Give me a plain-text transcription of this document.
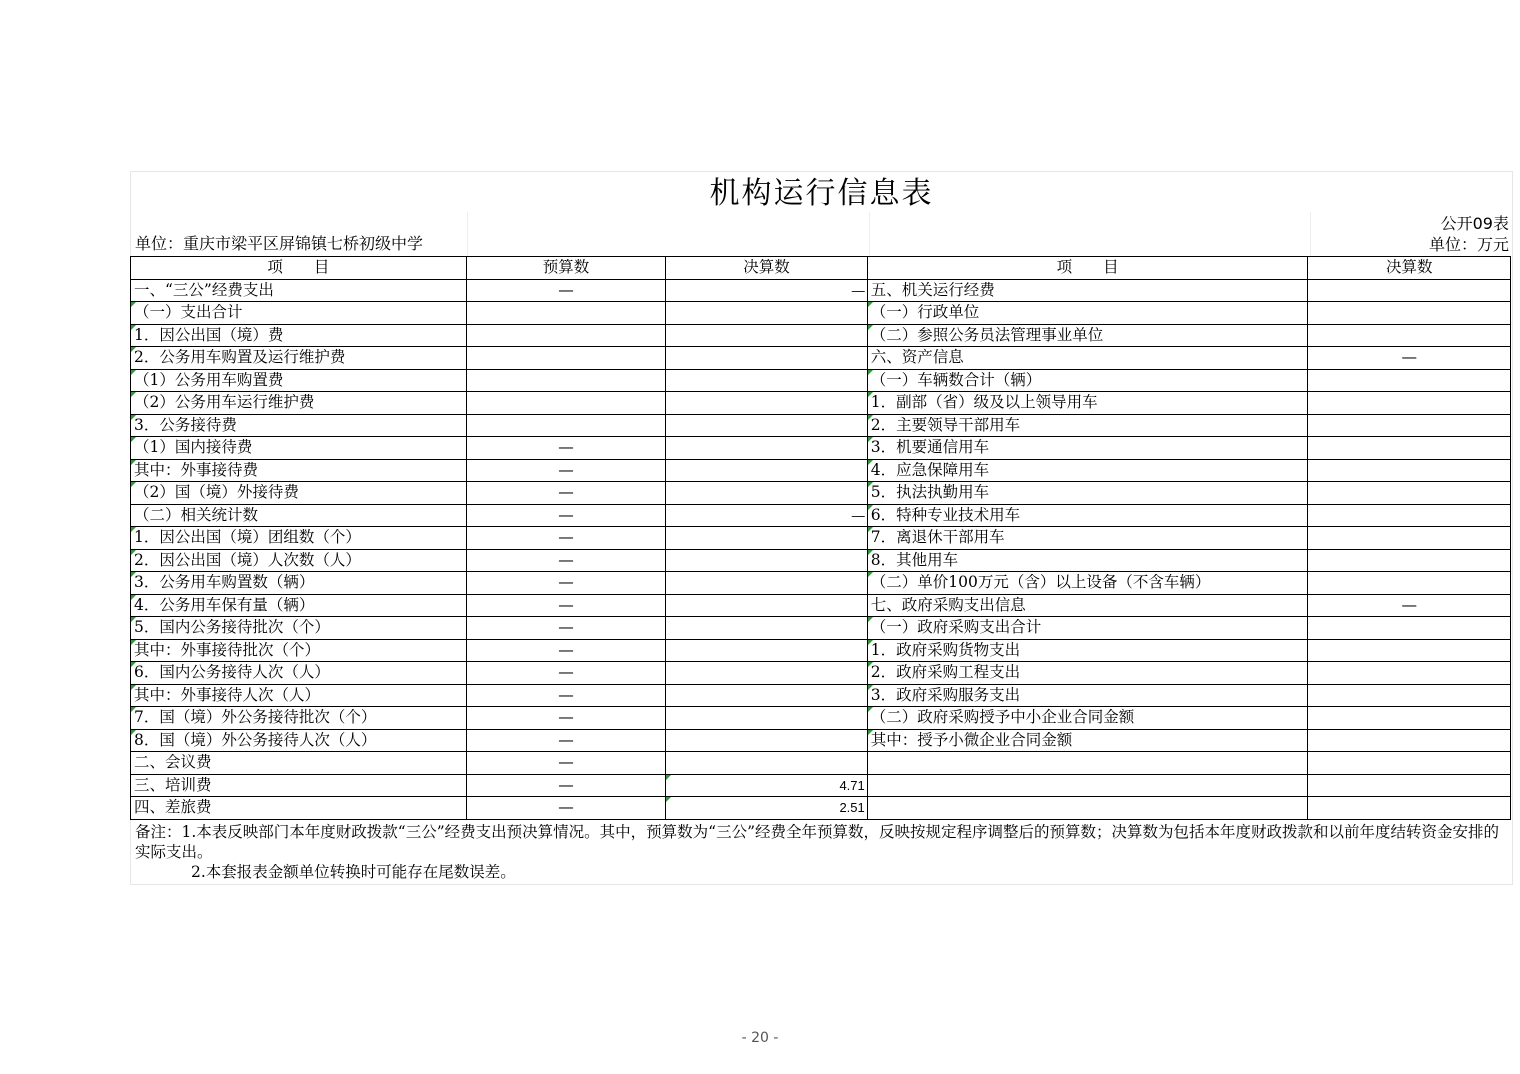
机构运行信息表
单位：重庆市梁平区屏锦镇七桥初级中学
公开09表
单位：万元
项　　目	预算数	决算数	项　　目	决算数
一、“三公”经费支出	—	—	五、机关运行经费	

（一）支出合计			（一）行政单位	

1．因公出国（境）费			（二）参照公务员法管理事业单位	

2．公务用车购置及运行维护费			六、资产信息	—

（1）公务用车购置费			（一）车辆数合计（辆）	

（2）公务用车运行维护费			1．副部（省）级及以上领导用车	

3．公务接待费			2．主要领导干部用车	

（1）国内接待费	—		3．机要通信用车	

其中：外事接待费	—		4．应急保障用车	

（2）国（境）外接待费	—		5．执法执勤用车	
（二）相关统计数	—	—	6．特种专业技术用车	

1．因公出国（境）团组数（个）	—		7．离退休干部用车	

2．因公出国（境）人次数（人）	—		8．其他用车	

3．公务用车购置数（辆）	—		（二）单价100万元（含）以上设备（不含车辆）	

4．公务用车保有量（辆）	—		七、政府采购支出信息	—

5．国内公务接待批次（个）	—		（一）政府采购支出合计	

其中：外事接待批次（个）	—		1．政府采购货物支出	

6．国内公务接待人次（人）	—		2．政府采购工程支出	

其中：外事接待人次（人）	—		3．政府采购服务支出	

7．国（境）外公务接待批次（个）	—		（二）政府采购授予中小企业合同金额	

8．国（境）外公务接待人次（人）	—		其中：授予小微企业合同金额	
二、会议费	—			
三、培训费	—	4.71		
四、差旅费	—	2.51		

备注：1.本表反映部门本年度财政拨款“三公”经费支出预决算情况。其中，预算数为“三公”经费全年预算数，反映按规定程序调整后的预算数；决算数为包括本年度财政拨款和以前年度结转资金安排的实际支出。

2.本套报表金额单位转换时可能存在尾数误差。

- 20 -
